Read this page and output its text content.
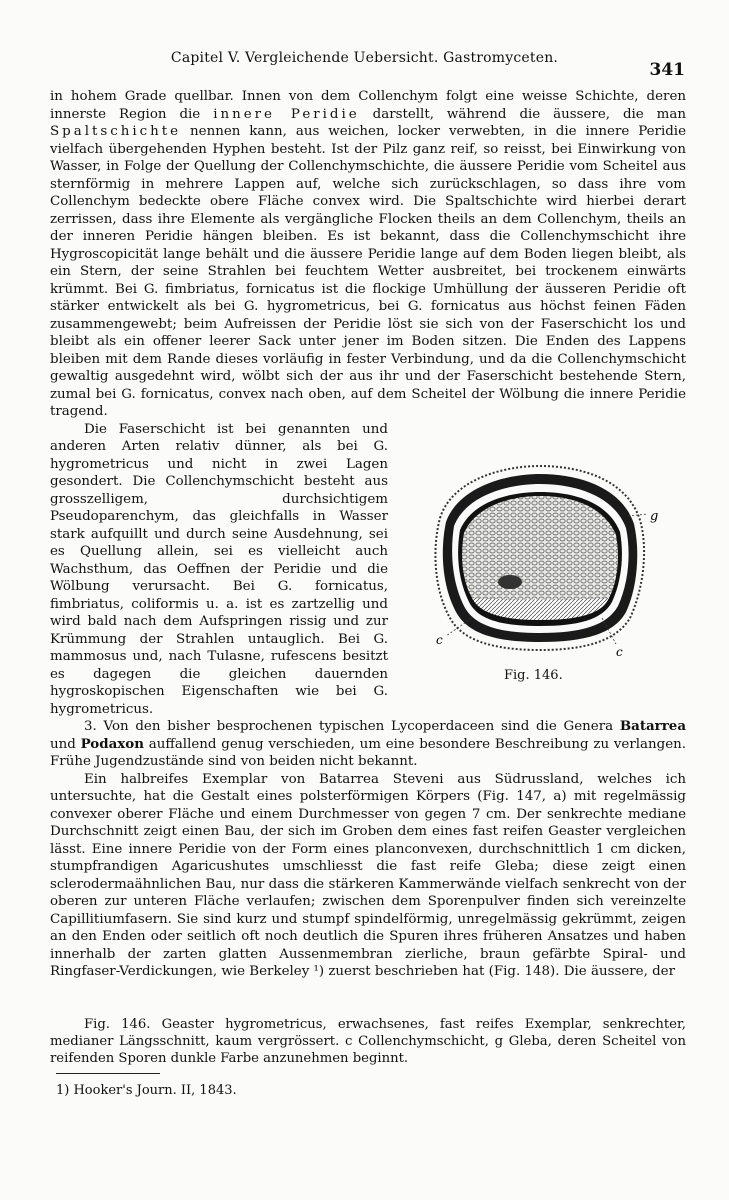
Capitel V. Vergleichende Uebersicht. Gastromyceten.
341

in hohem Grade quellbar. Innen von dem Collenchym folgt eine weisse Schichte, deren innerste Region die innere Peridie darstellt, während die äussere, die man Spaltschichte nennen kann, aus weichen, locker verwebten, in die innere Peridie vielfach übergehenden Hyphen besteht. Ist der Pilz ganz reif, so reisst, bei Einwirkung von Wasser, in Folge der Quellung der Collenchymschichte, die äussere Peridie vom Scheitel aus sternförmig in mehrere Lappen auf, welche sich zurückschlagen, so dass ihre vom Collenchym bedeckte obere Fläche convex wird. Die Spaltschichte wird hierbei derart zerrissen, dass ihre Elemente als vergängliche Flocken theils an dem Collenchym, theils an der inneren Peridie hängen bleiben. Es ist bekannt, dass die Collenchymschicht ihre Hygroscopicität lange behält und die äussere Peridie lange auf dem Boden liegen bleibt, als ein Stern, der seine Strahlen bei feuchtem Wetter ausbreitet, bei trockenem einwärts krümmt. Bei G. fimbriatus, fornicatus ist die flockige Umhüllung der äusseren Peridie oft stärker entwickelt als bei G. hygrometricus, bei G. fornicatus aus höchst feinen Fäden zusammengewebt; beim Aufreissen der Peridie löst sie sich von der Faserschicht los und bleibt als ein offener leerer Sack unter jener im Boden sitzen. Die Enden des Lappens bleiben mit dem Rande dieses vorläufig in fester Verbindung, und da die Collenchymschicht gewaltig ausgedehnt wird, wölbt sich der aus ihr und der Faserschicht bestehende Stern, zumal bei G. fornicatus, convex nach oben, auf dem Scheitel der Wölbung die innere Peridie tragend.

Die Faserschicht ist bei genannten und anderen Arten relativ dünner, als bei G. hygrometricus und nicht in zwei Lagen gesondert. Die Collenchymschicht besteht aus grosszelligem, durchsichtigem Pseudoparenchym, das gleichfalls in Wasser stark aufquillt und durch seine Ausdehnung, sei es Quellung allein, sei es vielleicht auch Wachsthum, das Oeffnen der Peridie und die Wölbung verursacht. Bei G. fornicatus, fimbriatus, coliformis u. a. ist es zartzellig und wird bald nach dem Aufspringen rissig und zur Krümmung der Strahlen untauglich. Bei G. mammosus und, nach Tulasne, rufescens besitzt es dagegen die gleichen dauernden hygroskopischen Eigenschaften wie bei G. hygrometricus.

3. Von den bisher besprochenen typischen Lycoperdaceen sind die Genera Batarrea und Podaxon auffallend genug verschieden, um eine besondere Beschreibung zu verlangen. Frühe Jugendzustände sind von beiden nicht bekannt.

Ein halbreifes Exemplar von Batarrea Steveni aus Südrussland, welches ich untersuchte, hat die Gestalt eines polsterförmigen Körpers (Fig. 147, a) mit regelmässig convexer oberer Fläche und einem Durchmesser von gegen 7 cm. Der senkrechte mediane Durchschnitt zeigt einen Bau, der sich im Groben dem eines fast reifen Geaster vergleichen lässt. Eine innere Peridie von der Form eines planconvexen, durchschnittlich 1 cm dicken, stumpfrandigen Agaricushutes umschliesst die fast reife Gleba; diese zeigt einen sclerodermaähnlichen Bau, nur dass die stärkeren Kammerwände vielfach senkrecht von der oberen zur unteren Fläche verlaufen; zwischen dem Sporenpulver finden sich vereinzelte Capillitiumfasern. Sie sind kurz und stumpf spindelförmig, unregelmässig gekrümmt, zeigen an den Enden oder seitlich oft noch deutlich die Spuren ihres früheren Ansatzes und haben innerhalb der zarten glatten Aussenmembran zierliche, braun gefärbte Spiral- und Ringfaser-Verdickungen, wie Berkeley ¹) zuerst beschrieben hat (Fig. 148). Die äussere, der

g
c
c
Fig. 146.

Fig. 146. Geaster hygrometricus, erwachsenes, fast reifes Exemplar, senkrechter, medianer Längsschnitt, kaum vergrössert. c Collenchymschicht, g Gleba, deren Scheitel von reifenden Sporen dunkle Farbe anzunehmen beginnt.

1) Hooker's Journ. II, 1843.
